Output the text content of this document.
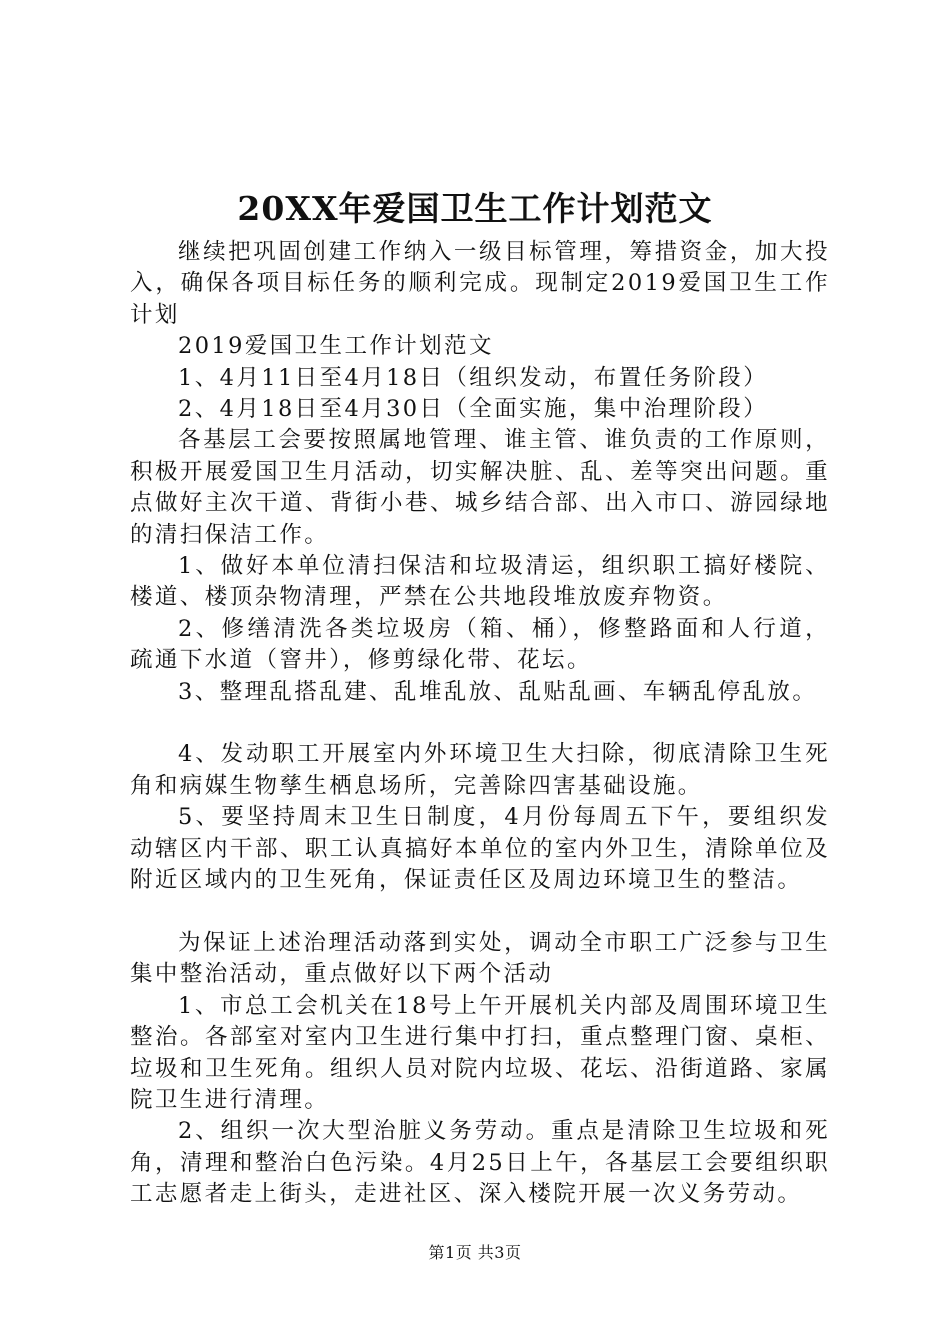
20XX年爱国卫生工作计划范文

继续把巩固创建工作纳入一级目标管理，筹措资金，加大投入，确保各项目标任务的顺利完成。现制定2019爱国卫生工作计划

2019爱国卫生工作计划范文

1、4月11日至4月18日（组织发动，布置任务阶段）

2、4月18日至4月30日（全面实施，集中治理阶段）

各基层工会要按照属地管理、谁主管、谁负责的工作原则，积极开展爱国卫生月活动，切实解决脏、乱、差等突出问题。重点做好主次干道、背街小巷、城乡结合部、出入市口、游园绿地的清扫保洁工作。

1、做好本单位清扫保洁和垃圾清运，组织职工搞好楼院、楼道、楼顶杂物清理，严禁在公共地段堆放废弃物资。

2、修缮清洗各类垃圾房（箱、桶），修整路面和人行道，疏通下水道（窨井），修剪绿化带、花坛。

3、整理乱搭乱建、乱堆乱放、乱贴乱画、车辆乱停乱放。

4、发动职工开展室内外环境卫生大扫除，彻底清除卫生死角和病媒生物孳生栖息场所，完善除四害基础设施。

5、要坚持周末卫生日制度，4月份每周五下午，要组织发动辖区内干部、职工认真搞好本单位的室内外卫生，清除单位及附近区域内的卫生死角，保证责任区及周边环境卫生的整洁。

为保证上述治理活动落到实处，调动全市职工广泛参与卫生集中整治活动，重点做好以下两个活动

1、市总工会机关在18号上午开展机关内部及周围环境卫生整治。各部室对室内卫生进行集中打扫，重点整理门窗、桌柜、垃圾和卫生死角。组织人员对院内垃圾、花坛、沿街道路、家属院卫生进行清理。

2、组织一次大型治脏义务劳动。重点是清除卫生垃圾和死角，清理和整治白色污染。4月25日上午，各基层工会要组织职工志愿者走上街头，走进社区、深入楼院开展一次义务劳动。

第1页 共3页
